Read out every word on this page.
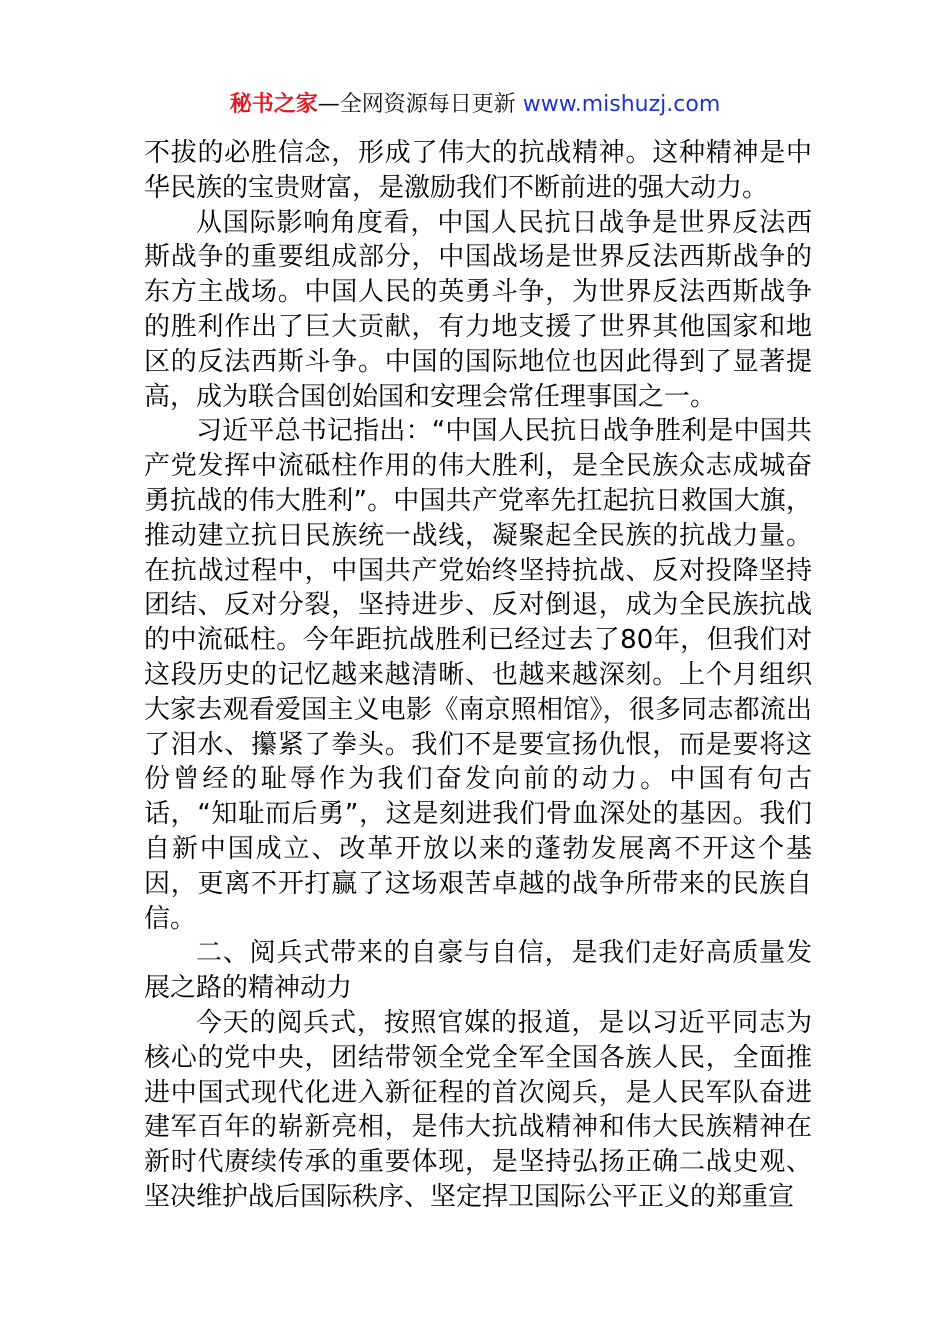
秘书之家—全网资源每日更新 www.mishuzj.com

不拔的必胜信念，形成了伟大的抗战精神。这种精神是中华民族的宝贵财富，是激励我们不断前进的强大动力。

从国际影响角度看，中国人民抗日战争是世界反法西斯战争的重要组成部分，中国战场是世界反法西斯战争的东方主战场。中国人民的英勇斗争，为世界反法西斯战争的胜利作出了巨大贡献，有力地支援了世界其他国家和地区的反法西斯斗争。中国的国际地位也因此得到了显著提高，成为联合国创始国和安理会常任理事国之一。

习近平总书记指出：“中国人民抗日战争胜利是中国共产党发挥中流砥柱作用的伟大胜利，是全民族众志成城奋勇抗战的伟大胜利”。中国共产党率先扛起抗日救国大旗，推动建立抗日民族统一战线，凝聚起全民族的抗战力量。在抗战过程中，中国共产党始终坚持抗战、反对投降坚持团结、反对分裂，坚持进步、反对倒退，成为全民族抗战的中流砥柱。今年距抗战胜利已经过去了80年，但我们对这段历史的记忆越来越清晰、也越来越深刻。上个月组织大家去观看爱国主义电影《南京照相馆》，很多同志都流出了泪水、攥紧了拳头。我们不是要宣扬仇恨，而是要将这份曾经的耻辱作为我们奋发向前的动力。中国有句古话，“知耻而后勇”，这是刻进我们骨血深处的基因。我们自新中国成立、改革开放以来的蓬勃发展离不开这个基因，更离不开打赢了这场艰苦卓越的战争所带来的民族自信。

二、阅兵式带来的自豪与自信，是我们走好高质量发展之路的精神动力

今天的阅兵式，按照官媒的报道，是以习近平同志为核心的党中央，团结带领全党全军全国各族人民，全面推进中国式现代化进入新征程的首次阅兵，是人民军队奋进建军百年的崭新亮相，是伟大抗战精神和伟大民族精神在新时代赓续传承的重要体现，是坚持弘扬正确二战史观、坚决维护战后国际秩序、坚定捍卫国际公平正义的郑重宣
